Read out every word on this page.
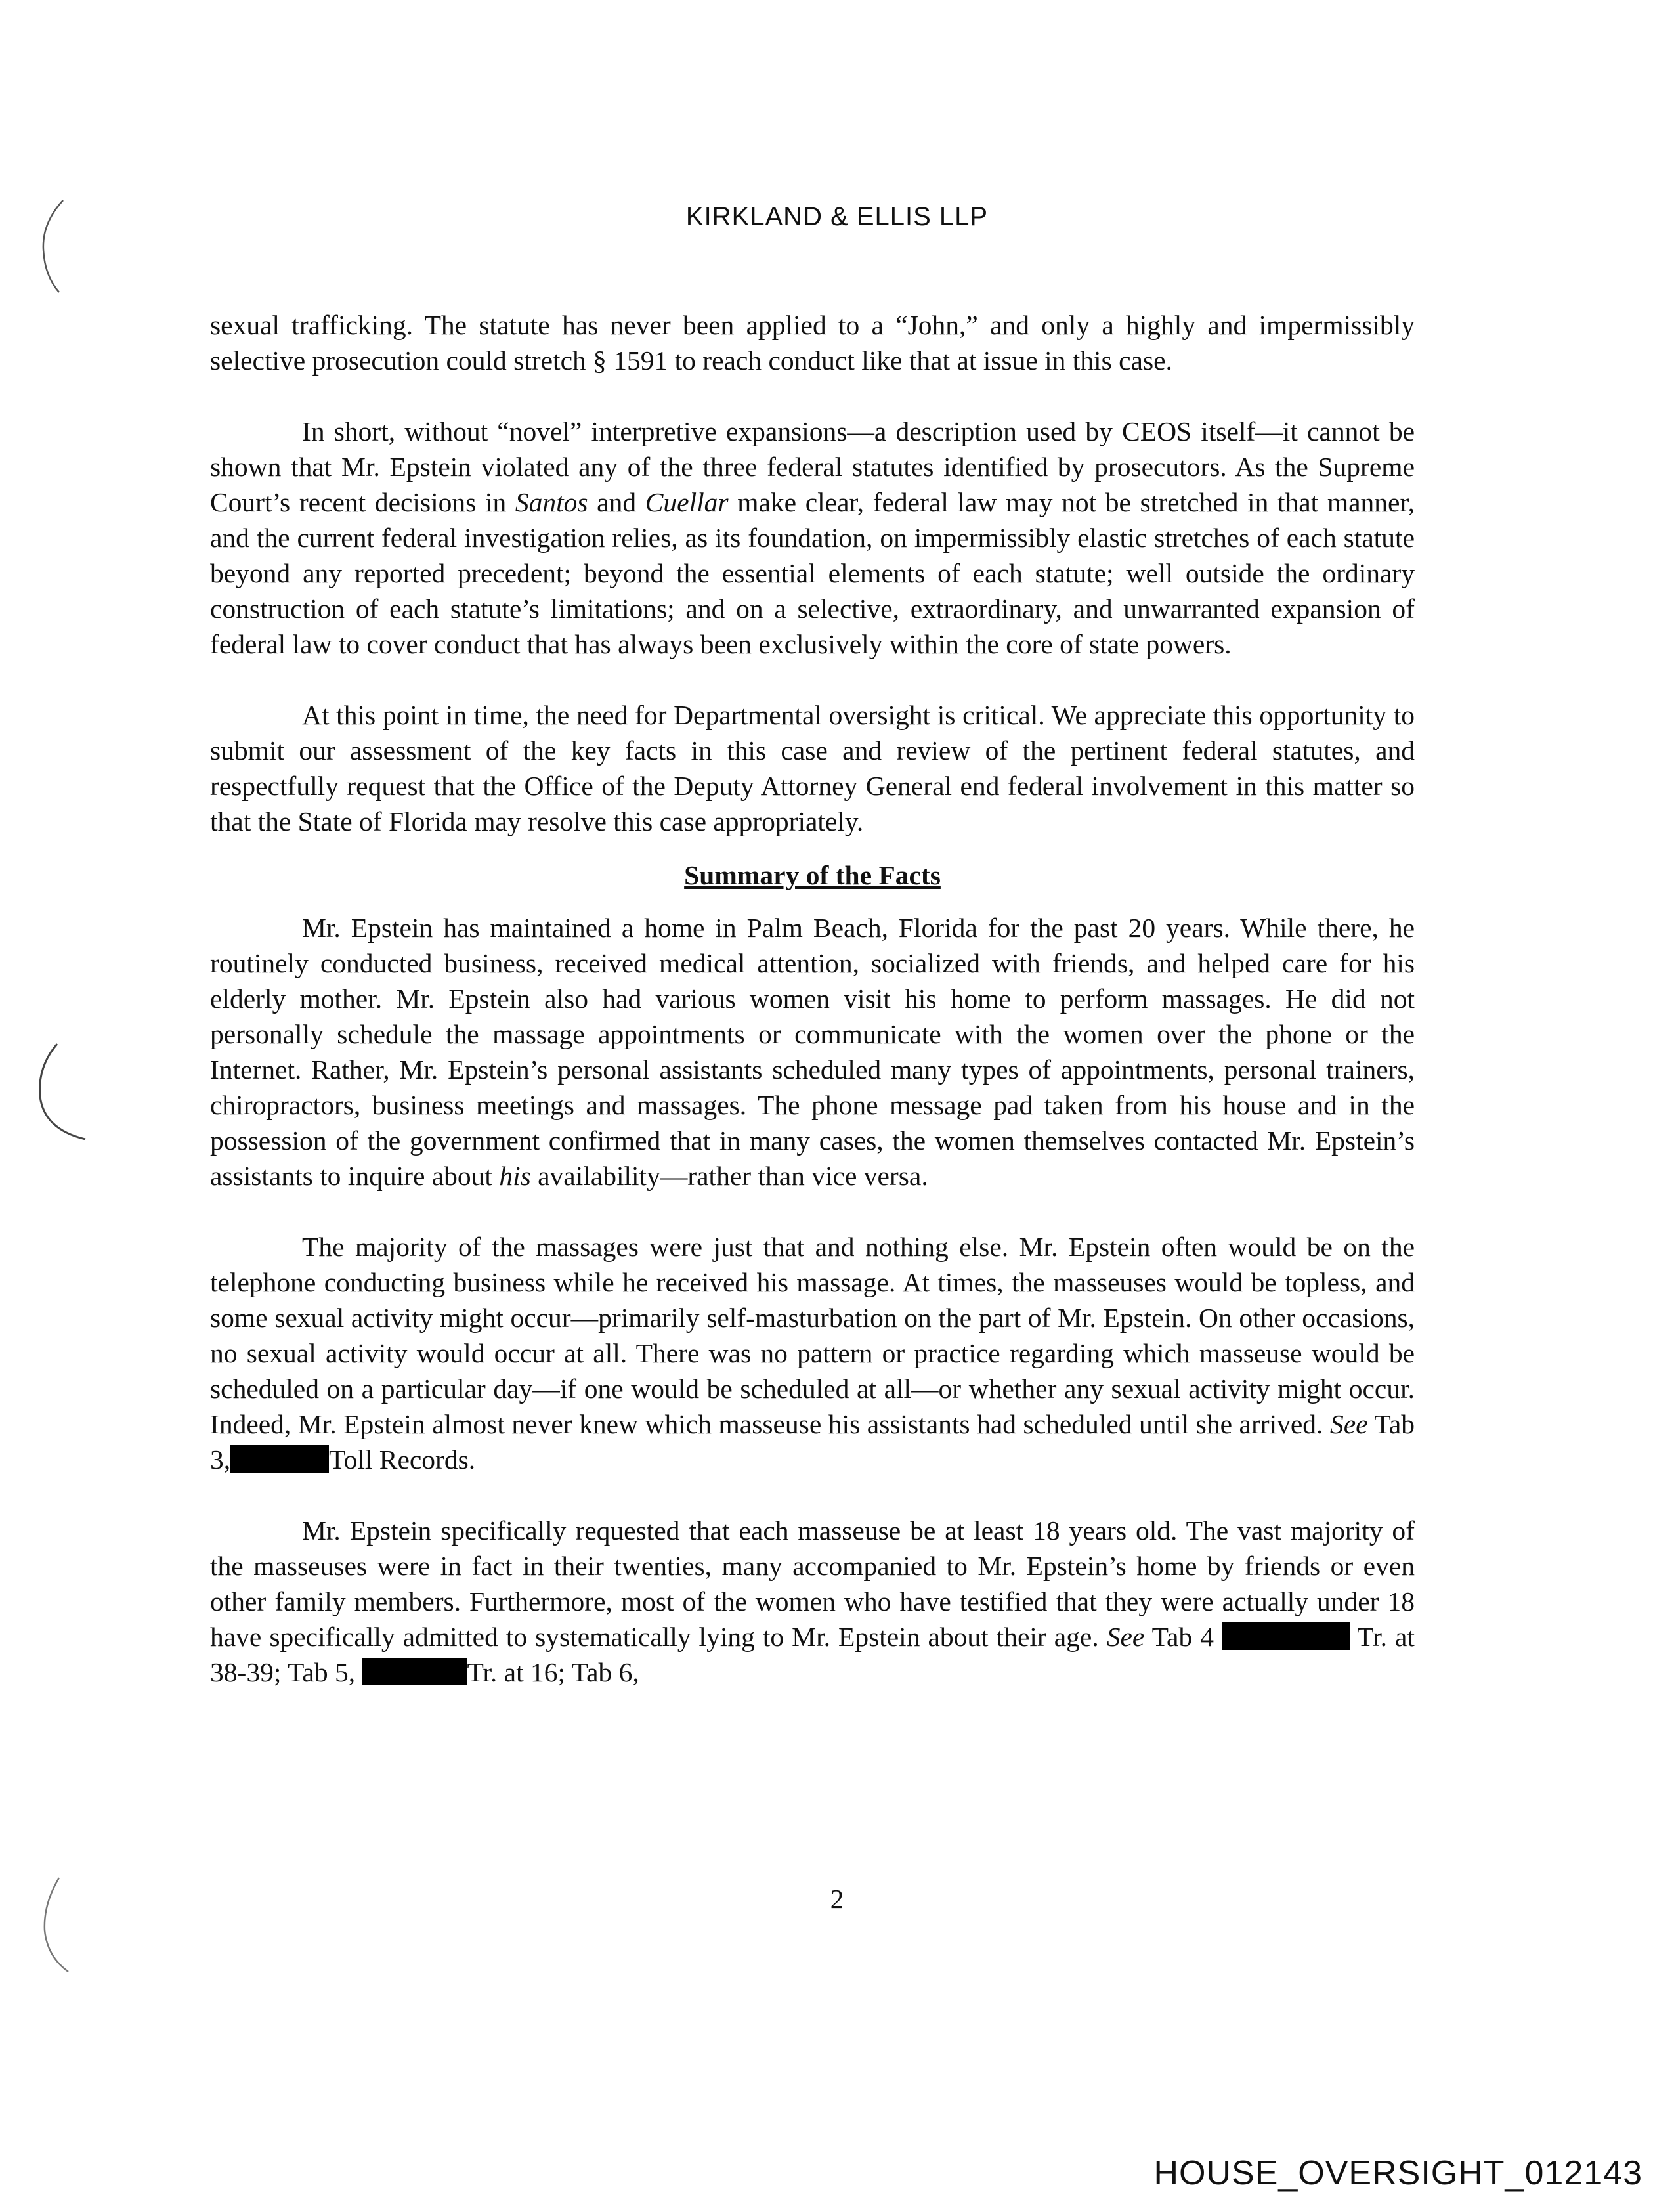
KIRKLAND & ELLIS LLP

sexual trafficking. The statute has never been applied to a “John,” and only a highly and impermissibly selective prosecution could stretch § 1591 to reach conduct like that at issue in this case.

In short, without “novel” interpretive expansions—a description used by CEOS itself—it cannot be shown that Mr. Epstein violated any of the three federal statutes identified by prosecutors. As the Supreme Court’s recent decisions in Santos and Cuellar make clear, federal law may not be stretched in that manner, and the current federal investigation relies, as its foundation, on impermissibly elastic stretches of each statute beyond any reported precedent; beyond the essential elements of each statute; well outside the ordinary construction of each statute’s limitations; and on a selective, extraordinary, and unwarranted expansion of federal law to cover conduct that has always been exclusively within the core of state powers.

At this point in time, the need for Departmental oversight is critical. We appreciate this opportunity to submit our assessment of the key facts in this case and review of the pertinent federal statutes, and respectfully request that the Office of the Deputy Attorney General end federal involvement in this matter so that the State of Florida may resolve this case appropriately.

Summary of the Facts

Mr. Epstein has maintained a home in Palm Beach, Florida for the past 20 years. While there, he routinely conducted business, received medical attention, socialized with friends, and helped care for his elderly mother. Mr. Epstein also had various women visit his home to perform massages. He did not personally schedule the massage appointments or communicate with the women over the phone or the Internet. Rather, Mr. Epstein’s personal assistants scheduled many types of appointments, personal trainers, chiropractors, business meetings and massages. The phone message pad taken from his house and in the possession of the government confirmed that in many cases, the women themselves contacted Mr. Epstein’s assistants to inquire about his availability—rather than vice versa.

The majority of the massages were just that and nothing else. Mr. Epstein often would be on the telephone conducting business while he received his massage. At times, the masseuses would be topless, and some sexual activity might occur—primarily self-masturbation on the part of Mr. Epstein. On other occasions, no sexual activity would occur at all. There was no pattern or practice regarding which masseuse would be scheduled on a particular day—if one would be scheduled at all—or whether any sexual activity might occur. Indeed, Mr. Epstein almost never knew which masseuse his assistants had scheduled until she arrived. See Tab 3,	Toll Records.

Mr. Epstein specifically requested that each masseuse be at least 18 years old. The vast majority of the masseuses were in fact in their twenties, many accompanied to Mr. Epstein’s home by friends or even other family members. Furthermore, most of the women who have testified that they were actually under 18 have specifically admitted to systematically lying to Mr. Epstein about their age. See Tab 4	Tr. at 38-39; Tab 5,	Tr. at 16; Tab 6,

2
HOUSE_OVERSIGHT_012143
